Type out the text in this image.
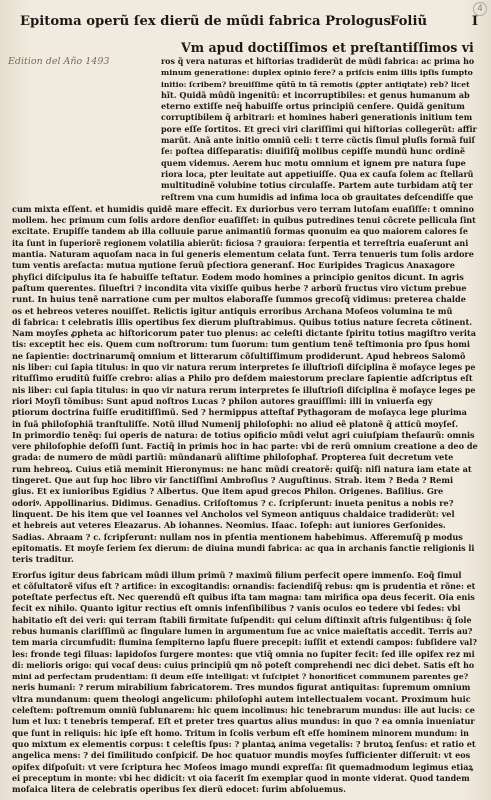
4
Epitoma operũ ſex dierũ de mũdi fabrica Prologus Foliũ	I
Edition del Año 1493
Vm apud doctiſſimos et preſtantiſſimos vi
ros q̃ vera naturas et hiſtorias tradiderũt de mũdi fabrica: ac prima ho
minum generatione: duplex opinio fere? a priſcis enim illis ipſis ſumpto
initio: ſcribem? breuiſſime qũtũ in tã remotis (ꝓpter antiqtate) reb? licet
hĩt. Quidã mũdũ ingenitũ: et incorruptibiles: et genus humanum ab
eterno extiſſe neq̃ habuiſſe ortus principiũ cenſere. Quidã genitum
corruptibilem q̃ arbitrari: et homines haberi generationis initium tem
pore eſſe ſortitos. Et greci viri clariſſimi qui hiſtorias collegerũt: affir
marũt. Anã ante initio omniũ celi: t terre cũctis ſimul pluſis formã fuiſ
ſe: poſtea diſſeparatis: diuiſiſq̃ molibus cepiſſe mundũ hunc ordinẽ
quem videmus. Aerem huc motu omnium et ignem pre natura ſupe
riora loca, pter leuitate aut appetiuiſſe. Qua ex cauſa ſolem ac ſtellarũ
multitudinẽ volubine totius circulaſſe. Partem aute turbidam atq̃ ter
reſtrem vna cum humidis ad infima loca ob grauitates deſcendiſſe que
cum mixta eſſent. et humidis quidẽ mare effecit. Ex duriorbus vero terram lutoſam euaſiſſe: t omnino
mollem. hec primum cum ſolis ardore denſior euaſiſſet: in quibus putredines tenui cõcrete pellicula ſint
excitate. Erupiſſe tandem ab illa colluuie parue animantiũ formas quonuim ea quo maiorem calores ſe
ita ſunt in ſuperiorẽ regionem volatilia abierũt: ficiosa ? grauiora: ſerpentia et terreſtria euaſerunt ani
mantia. Naturam aquoſam naca in ſui generis elementum celata ſunt. Terra tenueris tum ſolis ardore
tum ventis areſacta: mutua ɱutione ſeruũ pſectiora generanſ. Hoc Euripides Tragicus Anaxagore
phyſici diſcipulus ita ſe habuiſſe teſtatur. Eodem modo homines a principio genitos dicunt. In agris
paſtum querentes. ſilueſtri ? incondita vita vixiſſe quibus herbe ? arborũ fructus viro victum prebue
runt. In huius tenẽ narratione cum per multos elaboraſſe ſummos grecoſq̃ vidimus: preterea chalde
os et hebreos veteres nouiſſet. Relictis igitur antiquis erroribus Archana Moſeos volumina te mũ
di fabrica: t celebratis illis opertibus ſex dierum pluſtrabimus. Quibus totius nature ſecreta cõtinent.
Nam moyſes ꝓpheta ac hiſtoricorum pater tuo plenus: ac celeſti dictante ſpiritu totius magiſtro verita
tis: exceptit hec eis. Quem cum noſtrorum: tum ſuorum: tum gentium tenẽ teſtimonia pro ſpus homi
ne ſapientie: doctrinarumq̃ omnium et litterarum cõſultiſſimum prodiderunt. Apud hebreos Salomõ
nis liber: cui ſapia titulus: in quo vir natura rerum interpretes ſe illuſtrioſi diſciplina ẽ moſayce leges pe
rituſſimo eruditũ fuiſſe crebro: alias a Philo pro deſdem maiestorum preclare ſapientie adſcriptus eſt
nis liber: cui ſapia titulus: in quo vir natura rerum interpretes ſe illuſtrioſi diſciplina ẽ moſayce leges pe
riori Moyſi tõmibus: Sunt apud noſtros Lucas ? philon autores grauiſſimi: illi in vniuerſa egy
ptiorum doctrina fuiſſe eruditiſſimũ. Sed ? hermippus atteſtaf Pythagoram de moſayca lege plurima
in ſuã philoſophiã tranſtuliſſe. Notũ illud Numenij philoſophi: no aliud eẽ platonẽ q̃ atticũ moyſeſ.
In primordio tenẽq: ſui operis de natura: de totius opificio mũdi velut agri cuiuſpiam theſaurũ: omnis
vere philoſophie deſoſſi ſunt. Factiq̃ in primis hoc in hac parte: vbi de rerũ omnium creatione a deo de
grada: de numero de mũdi partiũ: mũndanarũ aliſtime philoſophaf. Propterea ſuit decretum vete
rum hebreoꝝ. Cuius etiã meminit Hieronymus: ne hanc mũdi creatorẽ: quiſq̃: niſi natura iam etate at
tingeret. Que aut ſup hoc libro vir ſanctiſſimi Ambroſius ? Auguſtinus. Strab. item ? Beda ? Remi
gius. Et ex iunioribus Egidius ? Albertus. Que item apud grecos Philon. Origenes. Baſilius. Gre
odoriꝰ. Appollinarius. Didimus. Genadius. Criſoſtomus ? c. ſcripſerunt: inueta penitus a nobis re?
linquent. De his item que vel Ioannes vel Ancholos vel Symeon antiquus chaldaice tradiderũt: vel
et hebreis aut veteres Eleazarus. Ab iohannes. Neomius. Iſaac. Ioſeph: aut iuniores Gerſonides.
Sadias. Abraam ? c. ſcripſerunt: nullam nos in pſentia mentionem habebimus. Afferemuſq̃ p modus
epitomatis. Et moyſe ſeriem ſex dierum: de diuina mundi fabrica: ac qua in archanis fanctie religionis li
teris traditur.
Erorſus igitur deus fabricam mũdi illum primũ ? maximũ filium perfecit opere immenſo. Eoq̃ ſimul
et cõſultatorẽ viſus eſt ? artifice: in excogitandis: ornandis: faciendiſq̃ rebus: qm is prudentia et rõne: et
poteſtate perfectus eſt. Nec querendũ eſt quibus iſta tam magna: tam mirifica opa deus fecerit. Oia enis
fecit ex nihilo. Quanto igitur rectius eſt omnis infenſibilibus ? vanis oculos eo tedere vbi ſedes: vbi
habitatio eſt dei veri: qui terram ſtabili firmitate ſuſpendit: qui celum diſtinxit aſtris fulgentibus: q̃ ſole
rebus humanis clariſſimũ ac ſingulare lumen in argumentum ſue ac vnice maieſtatis accedit. Terris au?
tem maria circumfudit: flumina ſempiterno lapſu fluere precepit: iuſſit et extendi campos: ſubſidere val?
les: fronde tegi ſiluas: lapidoſos ſurgere montes: que vtiq̃ omnia no ſupiter fecit: ſed ille opifex rez mi
di: melioris origo: qui vocaſ deus: cuius principiũ qm nõ poteſt comprehendi nec dici debet. Satis eſt ho
mini ad perfectam prudentiam: ſi deum eſſe intelligat: vt ſuſcipiet ? honorificet communem parentes ge?
neris humani: ? rerum mirabilium fabricatorem. Tres mundos figurat antiquitas: ſupremum omnium
vltra mundanum: quem theologi angelicum: philoſophi autem intellectualem vocant. Proximum huic
celeſtem: poſtremum omniũ ſublunarem: hic quem incolimus: hic tenebrarum mundus: ille aut lucis: ce
lum et lux: t tenebris temperaf. Eſt et preter tres quartus alius mundus: in quo ? ea omnia inueniatur
que ſunt in reliquis: hic ipſe eſt homo. Tritum in ſcolis verbum eſt eſſe hominem minorem mundum: in
quo mixtum ex elementis corpus: t celeſtis ſpus: ? plantaꝝ anima vegetalis: ? brutoꝝ ſenſus: et ratio et
angelica mens: ? dei ſimilitudo conſpicif. De hoc quatuor mundis moyſes ſufficienter diſſeruit: vt eos
opifex diſpoſuit: vt vere ſcriptura hec Moſeos imago mundi expreſſa: ſit quemadmodum legimus etiaꝝ
ei preceptum in monte: vbi hec didicit: vt oia facerit ſm exemplar quod in monte viderat. Quod tandem
moſaica litera de celebratis operibus ſex dierũ edocet: ſurim abſoluemus.
